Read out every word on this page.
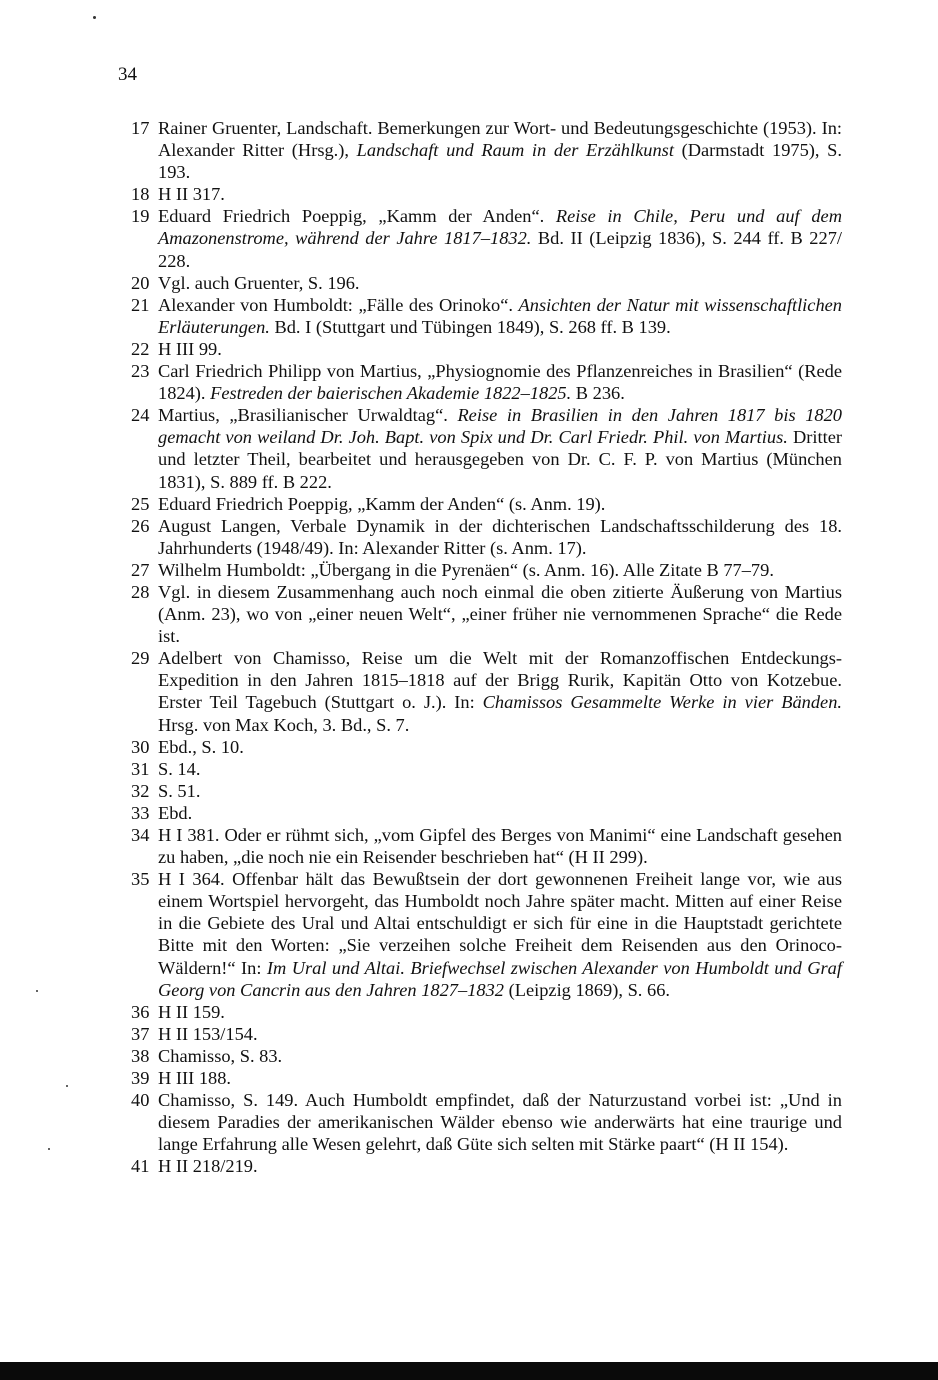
34
17 Rainer Gruenter, Landschaft. Bemerkungen zur Wort- und Bedeutungsgeschichte (1953). In: Alexander Ritter (Hrsg.), Landschaft und Raum in der Erzählkunst (Darmstadt 1975), S. 193.
18 H II 317.
19 Eduard Friedrich Poeppig, „Kamm der Anden“. Reise in Chile, Peru und auf dem Amazonenstrome, während der Jahre 1817–1832. Bd. II (Leipzig 1836), S. 244 ff. B 227/ 228.
20 Vgl. auch Gruenter, S. 196.
21 Alexander von Humboldt: „Fälle des Orinoko“. Ansichten der Natur mit wissenschaftlichen Erläuterungen. Bd. I (Stuttgart und Tübingen 1849), S. 268 ff. B 139.
22 H III 99.
23 Carl Friedrich Philipp von Martius, „Physiognomie des Pflanzenreiches in Brasilien“ (Rede 1824). Festreden der baierischen Akademie 1822–1825. B 236.
24 Martius, „Brasilianischer Urwaldtag“. Reise in Brasilien in den Jahren 1817 bis 1820 gemacht von weiland Dr. Joh. Bapt. von Spix und Dr. Carl Friedr. Phil. von Martius. Dritter und letzter Theil, bearbeitet und herausgegeben von Dr. C. F. P. von Martius (München 1831), S. 889 ff. B 222.
25 Eduard Friedrich Poeppig, „Kamm der Anden“ (s. Anm. 19).
26 August Langen, Verbale Dynamik in der dichterischen Landschaftsschilderung des 18. Jahrhunderts (1948/49). In: Alexander Ritter (s. Anm. 17).
27 Wilhelm Humboldt: „Übergang in die Pyrenäen“ (s. Anm. 16). Alle Zitate B 77–79.
28 Vgl. in diesem Zusammenhang auch noch einmal die oben zitierte Äußerung von Martius (Anm. 23), wo von „einer neuen Welt“, „einer früher nie vernommenen Sprache“ die Rede ist.
29 Adelbert von Chamisso, Reise um die Welt mit der Romanzoffischen Entdeckungs-Expedition in den Jahren 1815–1818 auf der Brigg Rurik, Kapitän Otto von Kotzebue. Erster Teil Tagebuch (Stuttgart o. J.). In: Chamissos Gesammelte Werke in vier Bänden. Hrsg. von Max Koch, 3. Bd., S. 7.
30 Ebd., S. 10.
31 S. 14.
32 S. 51.
33 Ebd.
34 H I 381. Oder er rühmt sich, „vom Gipfel des Berges von Manimi“ eine Landschaft gesehen zu haben, „die noch nie ein Reisender beschrieben hat“ (H II 299).
35 H I 364. Offenbar hält das Bewußtsein der dort gewonnenen Freiheit lange vor, wie aus einem Wortspiel hervorgeht, das Humboldt noch Jahre später macht. Mitten auf einer Reise in die Gebiete des Ural und Altai entschuldigt er sich für eine in die Hauptstadt gerichtete Bitte mit den Worten: „Sie verzeihen solche Freiheit dem Reisenden aus den Orinoco-Wäldern!“ In: Im Ural und Altai. Briefwechsel zwischen Alexander von Humboldt und Graf Georg von Cancrin aus den Jahren 1827–1832 (Leipzig 1869), S. 66.
36 H II 159.
37 H II 153/154.
38 Chamisso, S. 83.
39 H III 188.
40 Chamisso, S. 149. Auch Humboldt empfindet, daß der Naturzustand vorbei ist: „Und in diesem Paradies der amerikanischen Wälder ebenso wie anderwärts hat eine traurige und lange Erfahrung alle Wesen gelehrt, daß Güte sich selten mit Stärke paart“ (H II 154).
41 H II 218/219.
